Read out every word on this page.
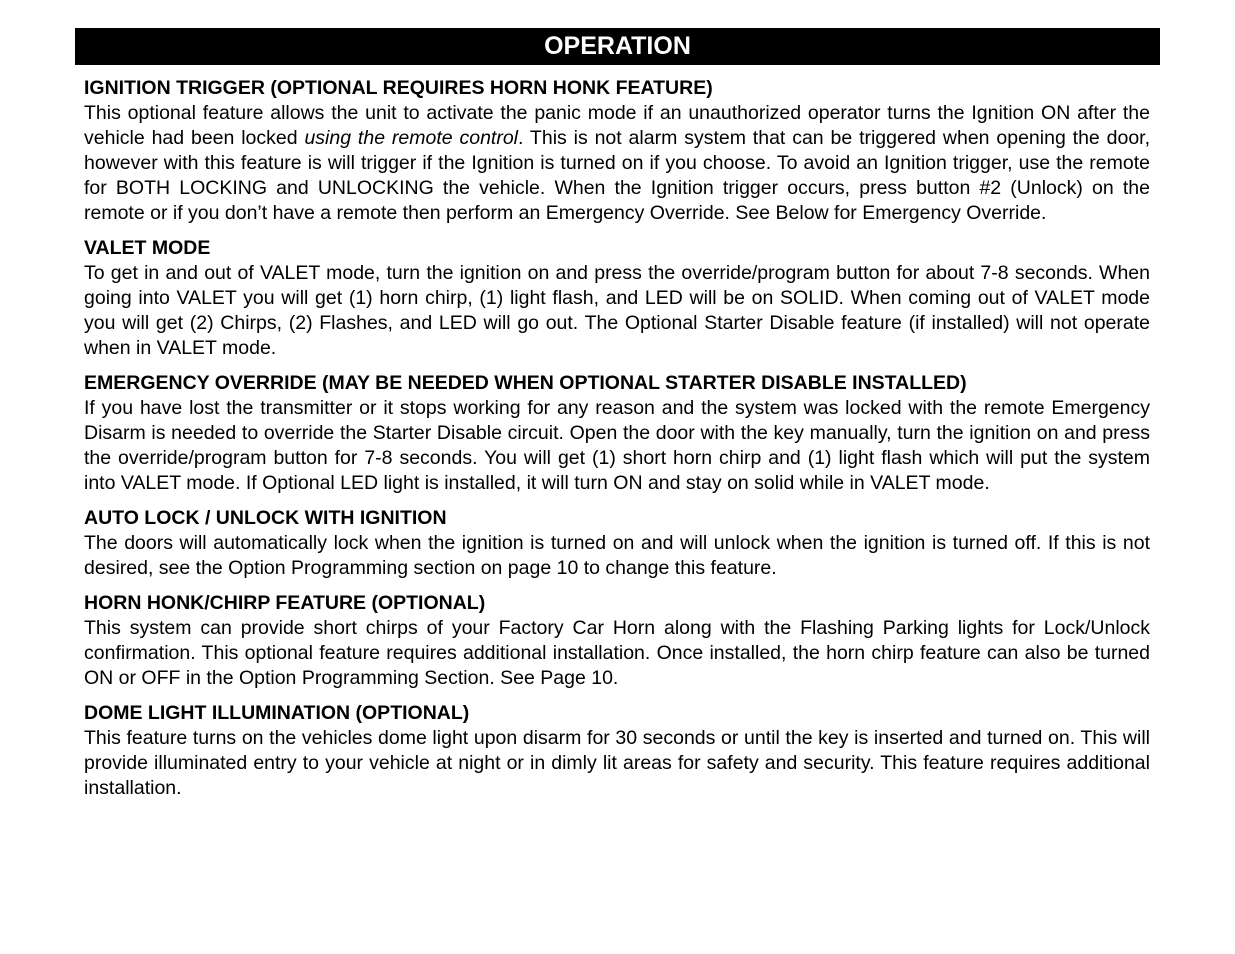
OPERATION
IGNITION TRIGGER (OPTIONAL REQUIRES HORN HONK FEATURE)

This optional feature allows the unit to activate the panic mode if an unauthorized operator turns the Ignition ON after the vehicle had been locked using the remote control. This is not alarm system that can be triggered when opening the door, however with this feature is will trigger if the Ignition is turned on if you choose. To avoid an Ignition trigger, use the remote for BOTH LOCKING and UNLOCKING the vehicle. When the Ignition trigger occurs, press button #2 (Unlock) on the remote or if you don’t have a remote then perform an Emergency Override. See Below for Emergency Override.

VALET MODE

To get in and out of VALET mode, turn the ignition on and press the override/program button for about 7-8 seconds. When going into VALET you will get (1) horn chirp, (1) light flash, and LED will be on SOLID. When coming out of VALET mode you will get (2) Chirps, (2) Flashes, and LED will go out. The Optional Starter Disable feature (if installed) will not operate when in VALET mode.

EMERGENCY OVERRIDE (MAY BE NEEDED WHEN OPTIONAL STARTER DISABLE INSTALLED)

If you have lost the transmitter or it stops working for any reason and the system was locked with the remote Emergency Disarm is needed to override the Starter Disable circuit. Open the door with the key manually, turn the ignition on and press the override/program button for 7-8 seconds. You will get (1) short horn chirp and (1) light flash which will put the system into VALET mode. If Optional LED light is installed, it will turn ON and stay on solid while in VALET mode.

AUTO LOCK / UNLOCK WITH IGNITION

The doors will automatically lock when the ignition is turned on and will unlock when the ignition is turned off. If this is not desired, see the Option Programming section on page 10 to change this feature.

HORN HONK/CHIRP FEATURE (OPTIONAL)

This system can provide short chirps of your Factory Car Horn along with the Flashing Parking lights for Lock/Unlock confirmation. This optional feature requires additional installation. Once installed, the horn chirp feature can also be turned ON or OFF in the Option Programming Section. See Page 10.

DOME LIGHT ILLUMINATION (OPTIONAL)

This feature turns on the vehicles dome light upon disarm for 30 seconds or until the key is inserted and turned on. This will provide illuminated entry to your vehicle at night or in dimly lit areas for safety and security. This feature requires additional installation.
